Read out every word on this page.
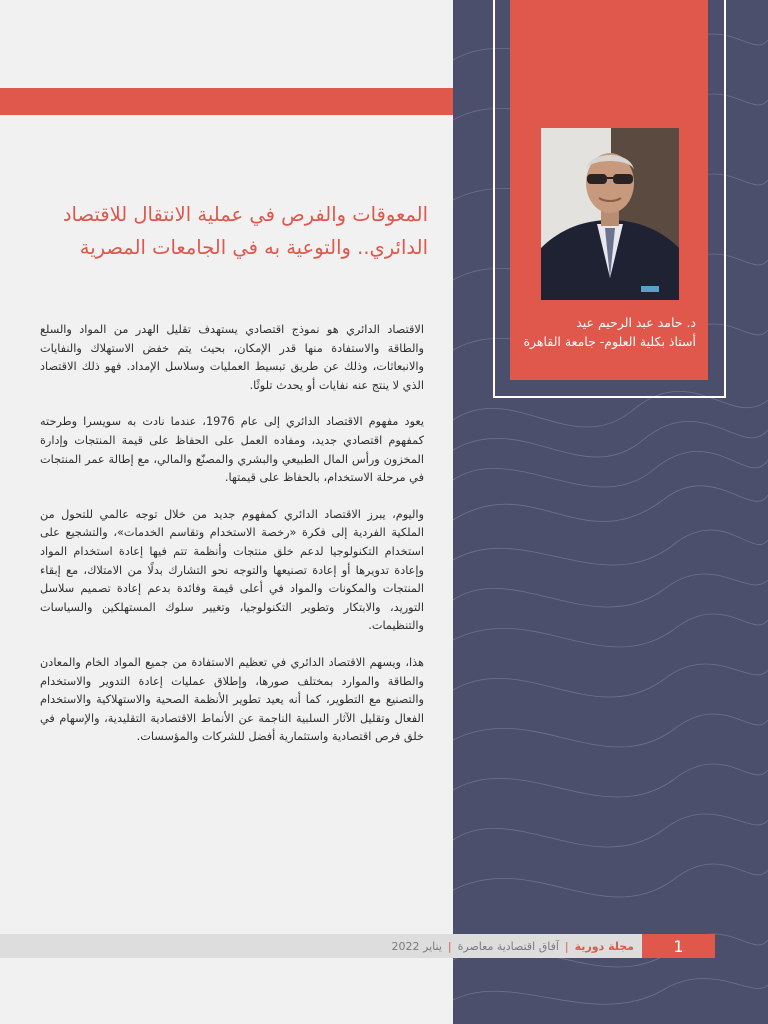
د. حامد عبد الرحيم عيد
أستاذ بكلية العلوم- جامعة القاهرة
المعوقات والفرص في عملية الانتقال للاقتصاد الدائري.. والتوعية به في الجامعات المصرية

الاقتصاد الدائري هو نموذج اقتصادي يستهدف تقليل الهدر من المواد والسلع والطاقة والاستفادة منها قدر الإمكان، بحيث يتم خفض الاستهلاك والنفايات والانبعاثات، وذلك عن طريق تبسيط العمليات وسلاسل الإمداد. فهو ذلك الاقتصاد الذي لا ينتج عنه نفايات أو يحدث تلوثًا.

يعود مفهوم الاقتصاد الدائري إلى عام 1976، عندما نادت به سويسرا وطرحته كمفهوم اقتصادي جديد، ومفاده العمل على الحفاظ على قيمة المنتجات وإدارة المخزون ورأس المال الطبيعي والبشري والمصنّع والمالي، مع إطالة عمر المنتجات في مرحلة الاستخدام، بالحفاظ على قيمتها.

واليوم، يبرز الاقتصاد الدائري كمفهوم جديد من خلال توجه عالمي للتحول من الملكية الفردية إلى فكرة «رخصة الاستخدام وتقاسم الخدمات»، والتشجيع على استخدام التكنولوجيا لدعم خلق منتجات وأنظمة تتم فيها إعادة استخدام المواد وإعادة تدويرها أو إعادة تصنيعها والتوجه نحو التشارك بدلًا من الامتلاك، مع إبقاء المنتجات والمكونات والمواد في أعلى قيمة وفائدة بدعم إعادة تصميم سلاسل التوريد، والابتكار وتطوير التكنولوجيا، وتغيير سلوك المستهلكين والسياسات والتنظيمات.

هذا، ويسهم الاقتصاد الدائري في تعظيم الاستفادة من جميع المواد الخام والمعادن والطاقة والموارد بمختلف صورها، وإطلاق عمليات إعادة التدوير والاستخدام والتصنيع مع التطوير، كما أنه يعيد تطوير الأنظمة الصحية والاستهلاكية والاستخدام الفعال وتقليل الآثار السلبية الناجمة عن الأنماط الاقتصادية التقليدية، والإسهام في خلق فرص اقتصادية واستثمارية أفضل للشركات والمؤسسات.

مجلة دورية
|
آفاق اقتصادية معاصرة
|
يناير 2022	1
